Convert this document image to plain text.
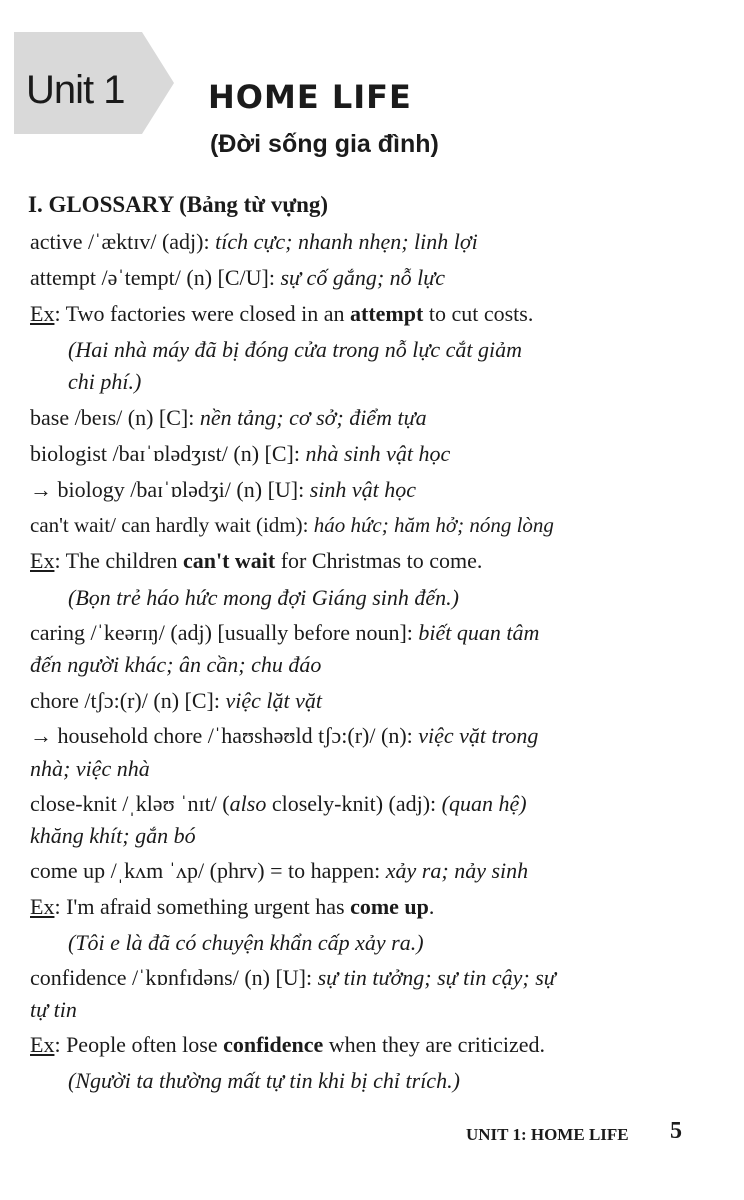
Unit 1	HOME LIFE
(Đời sống gia đình)
I. GLOSSARY (Bảng từ vựng)
active /ˈæktɪv/ (adj): tích cực; nhanh nhẹn; linh lợi
attempt /əˈtempt/ (n) [C/U]: sự cố gắng; nỗ lực
Ex: Two factories were closed in an attempt to cut costs.
(Hai nhà máy đã bị đóng cửa trong nỗ lực cắt giảm
chi phí.)
base /beɪs/ (n) [C]: nền tảng; cơ sở; điểm tựa
biologist /baɪˈɒlədʒɪst/ (n) [C]: nhà sinh vật học
→ biology /baɪˈɒlədʒi/ (n) [U]: sinh vật học
can't wait/ can hardly wait (idm): háo hức; hăm hở; nóng lòng
Ex: The children can't wait for Christmas to come.
(Bọn trẻ háo hức mong đợi Giáng sinh đến.)
caring /ˈkeərɪŋ/ (adj) [usually before noun]: biết quan tâm
đến người khác; ân cần; chu đáo
chore /tʃɔ:(r)/ (n) [C]: việc lặt vặt
→ household chore /ˈhaʊshəʊld tʃɔ:(r)/ (n): việc vặt trong
nhà; việc nhà
close-knit /ˌkləʊ ˈnɪt/ (also closely-knit) (adj): (quan hệ)
khăng khít; gắn bó
come up /ˌkʌm ˈʌp/ (phrv) = to happen: xảy ra; nảy sinh
Ex: I'm afraid something urgent has come up.
(Tôi e là đã có chuyện khẩn cấp xảy ra.)
confidence /ˈkɒnfɪdəns/ (n) [U]: sự tin tưởng; sự tin cậy; sự
tự tin
Ex: People often lose confidence when they are criticized.
(Người ta thường mất tự tin khi bị chỉ trích.)
UNIT 1: HOME LIFE 5
